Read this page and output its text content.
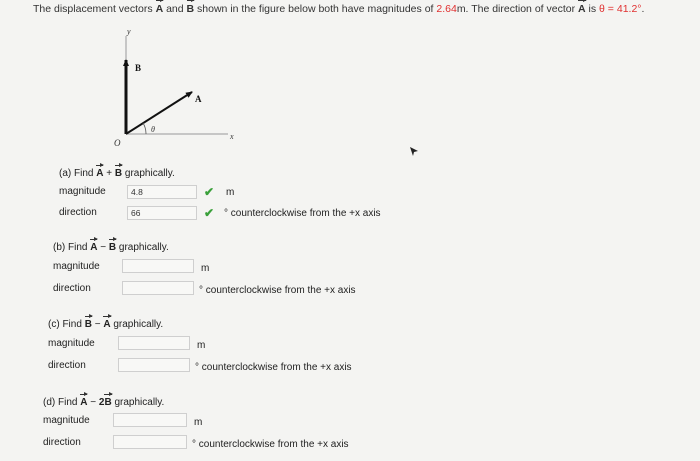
The displacement vectors A and B shown in the figure below both have magnitudes of 2.64m. The direction of vector A is θ = 41.2°.
y
x
O
B
A
θ
(a) Find A + B graphically.
magnitude
4.8	✔ m
direction
66	✔ ° counterclockwise from the +x axis
(b) Find A − B graphically.
magnitude	m
direction	° counterclockwise from the +x axis
(c) Find B − A graphically.
magnitude	m
direction	° counterclockwise from the +x axis
(d) Find A − 2B graphically.
magnitude	m
direction	° counterclockwise from the +x axis
